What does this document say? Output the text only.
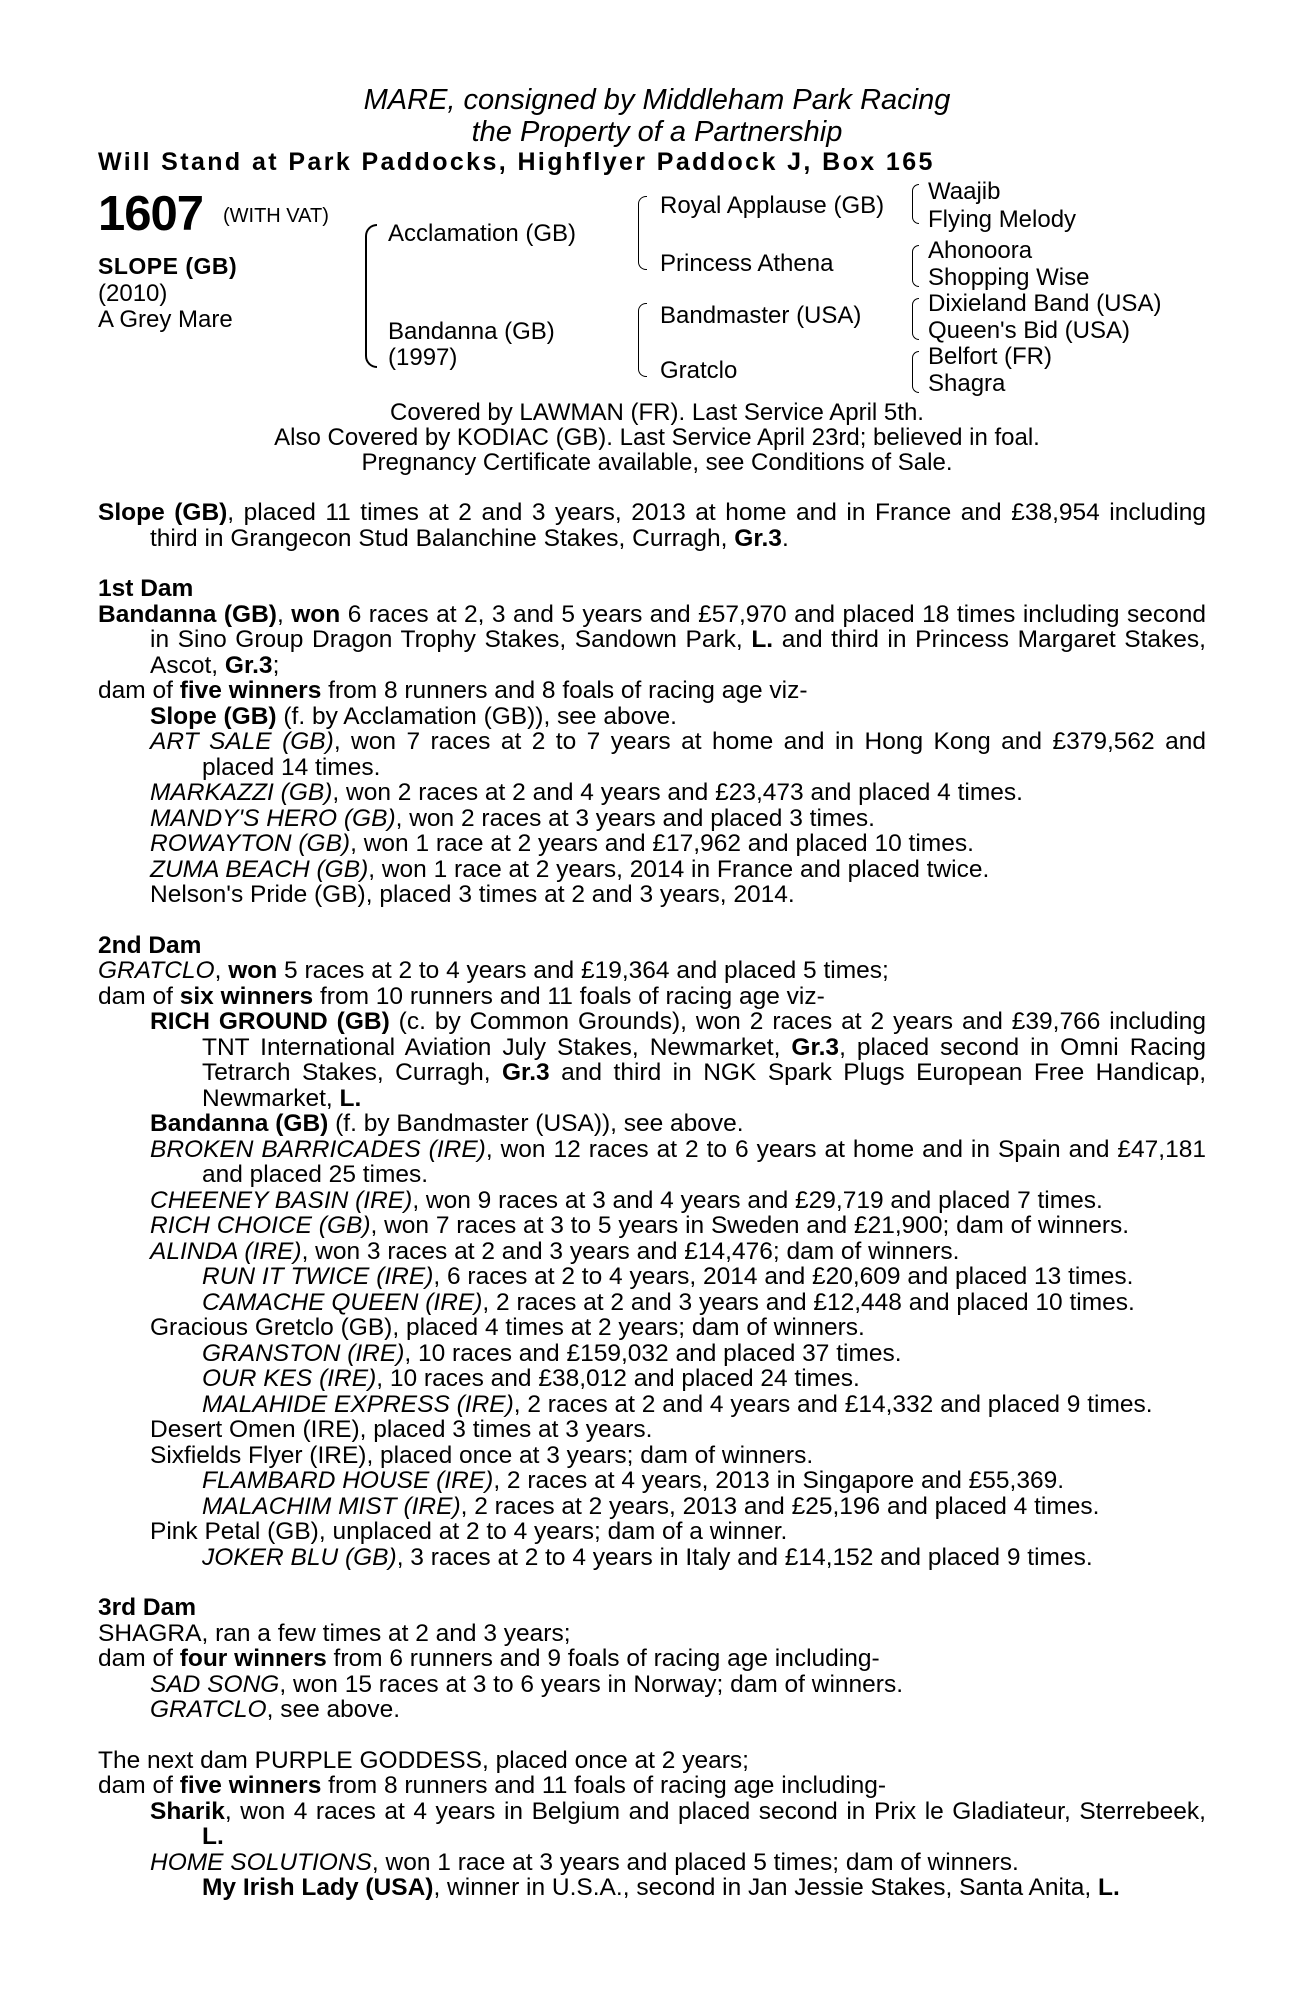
MARE, consigned by Middleham Park Racing
the Property of a Partnership
Will Stand at Park Paddocks, Highflyer Paddock J, Box 165
1607 (WITH VAT)
SLOPE (GB)
(2010)
A Grey Mare
Acclamation (GB)
Bandanna (GB)
(1997)
Royal Applause (GB)
Princess Athena
Bandmaster (USA)
Gratclo
Waajib
Flying Melody
Ahonoora
Shopping Wise
Dixieland Band (USA)
Queen's Bid (USA)
Belfort (FR)
Shagra
Covered by LAWMAN (FR). Last Service April 5th.
Also Covered by KODIAC (GB). Last Service April 23rd; believed in foal.
Pregnancy Certificate available, see Conditions of Sale.

Slope (GB), placed 11 times at 2 and 3 years, 2013 at home and in France and £38,954 including third in Grangecon Stud Balanchine Stakes, Curragh, Gr.3.

1st Dam

Bandanna (GB), won 6 races at 2, 3 and 5 years and £57,970 and placed 18 times including second in Sino Group Dragon Trophy Stakes, Sandown Park, L. and third in Princess Margaret Stakes, Ascot, Gr.3;

dam of five winners from 8 runners and 8 foals of racing age viz-

Slope (GB) (f. by Acclamation (GB)), see above.

ART SALE (GB), won 7 races at 2 to 7 years at home and in Hong Kong and £379,562 and placed 14 times.

MARKAZZI (GB), won 2 races at 2 and 4 years and £23,473 and placed 4 times.

MANDY'S HERO (GB), won 2 races at 3 years and placed 3 times.

ROWAYTON (GB), won 1 race at 2 years and £17,962 and placed 10 times.

ZUMA BEACH (GB), won 1 race at 2 years, 2014 in France and placed twice.

Nelson's Pride (GB), placed 3 times at 2 and 3 years, 2014.

2nd Dam

GRATCLO, won 5 races at 2 to 4 years and £19,364 and placed 5 times;

dam of six winners from 10 runners and 11 foals of racing age viz-

RICH GROUND (GB) (c. by Common Grounds), won 2 races at 2 years and £39,766 including TNT International Aviation July Stakes, Newmarket, Gr.3, placed second in Omni Racing Tetrarch Stakes, Curragh, Gr.3 and third in NGK Spark Plugs European Free Handicap, Newmarket, L.

Bandanna (GB) (f. by Bandmaster (USA)), see above.

BROKEN BARRICADES (IRE), won 12 races at 2 to 6 years at home and in Spain and £47,181 and placed 25 times.

CHEENEY BASIN (IRE), won 9 races at 3 and 4 years and £29,719 and placed 7 times.

RICH CHOICE (GB), won 7 races at 3 to 5 years in Sweden and £21,900; dam of winners.

ALINDA (IRE), won 3 races at 2 and 3 years and £14,476; dam of winners.

RUN IT TWICE (IRE), 6 races at 2 to 4 years, 2014 and £20,609 and placed 13 times.

CAMACHE QUEEN (IRE), 2 races at 2 and 3 years and £12,448 and placed 10 times.

Gracious Gretclo (GB), placed 4 times at 2 years; dam of winners.

GRANSTON (IRE), 10 races and £159,032 and placed 37 times.

OUR KES (IRE), 10 races and £38,012 and placed 24 times.

MALAHIDE EXPRESS (IRE), 2 races at 2 and 4 years and £14,332 and placed 9 times.

Desert Omen (IRE), placed 3 times at 3 years.

Sixfields Flyer (IRE), placed once at 3 years; dam of winners.

FLAMBARD HOUSE (IRE), 2 races at 4 years, 2013 in Singapore and £55,369.

MALACHIM MIST (IRE), 2 races at 2 years, 2013 and £25,196 and placed 4 times.

Pink Petal (GB), unplaced at 2 to 4 years; dam of a winner.

JOKER BLU (GB), 3 races at 2 to 4 years in Italy and £14,152 and placed 9 times.

3rd Dam

SHAGRA, ran a few times at 2 and 3 years;

dam of four winners from 6 runners and 9 foals of racing age including-

SAD SONG, won 15 races at 3 to 6 years in Norway; dam of winners.

GRATCLO, see above.

The next dam PURPLE GODDESS, placed once at 2 years;

dam of five winners from 8 runners and 11 foals of racing age including-

Sharik, won 4 races at 4 years in Belgium and placed second in Prix le Gladiateur, Sterrebeek, L.

HOME SOLUTIONS, won 1 race at 3 years and placed 5 times; dam of winners.

My Irish Lady (USA), winner in U.S.A., second in Jan Jessie Stakes, Santa Anita, L.
